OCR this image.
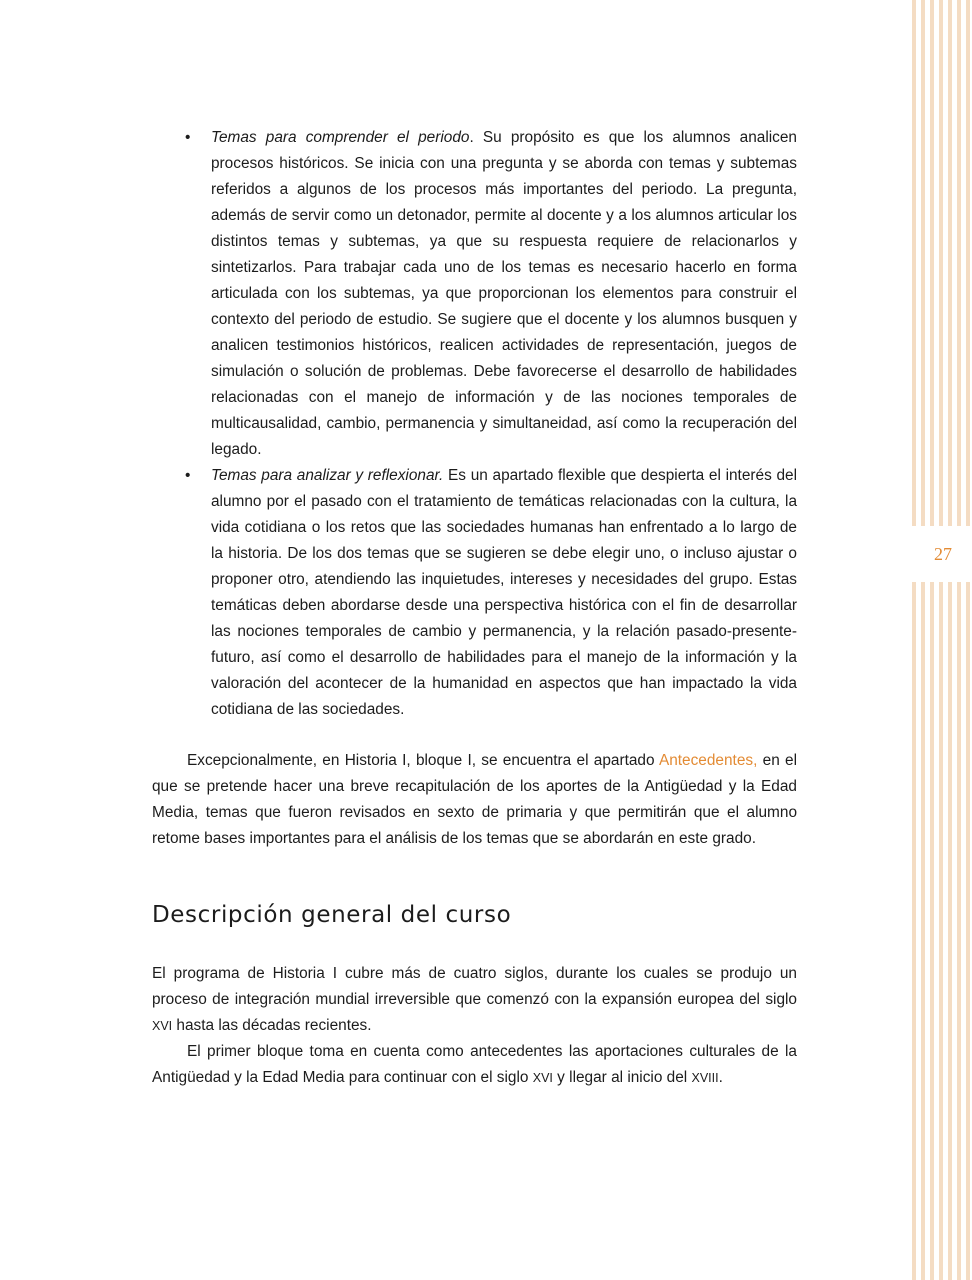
27
• Temas para comprender el periodo. Su propósito es que los alumnos analicen procesos históricos. Se inicia con una pregunta y se aborda con temas y subtemas referidos a algunos de los procesos más importantes del periodo. La pregunta, además de servir como un detonador, permite al docente y a los alumnos articular los distintos temas y subtemas, ya que su respuesta requiere de relacionarlos y sintetizarlos. Para trabajar cada uno de los temas es necesario hacerlo en forma articulada con los subtemas, ya que proporcionan los elementos para construir el contexto del periodo de estudio. Se sugiere que el docente y los alumnos busquen y analicen testimonios históricos, realicen actividades de representación, juegos de simulación o solución de problemas. Debe favorecerse el desarrollo de habilidades relacionadas con el manejo de información y de las nociones temporales de multicausalidad, cambio, permanencia y simultaneidad, así como la recuperación del legado.

• Temas para analizar y reflexionar. Es un apartado flexible que despierta el interés del alumno por el pasado con el tratamiento de temáticas relacionadas con la cultura, la vida cotidiana o los retos que las sociedades humanas han enfrentado a lo largo de la historia. De los dos temas que se sugieren se debe elegir uno, o incluso ajustar o proponer otro, atendiendo las inquietudes, intereses y necesidades del grupo. Estas temáticas deben abordarse desde una perspectiva histórica con el fin de desarrollar las nociones temporales de cambio y permanencia, y la relación pasado-presente-futuro, así como el desarrollo de habilidades para el manejo de la información y la valoración del acontecer de la humanidad en aspectos que han impactado la vida cotidiana de las sociedades.

Excepcionalmente, en Historia I, bloque I, se encuentra el apartado Antecedentes, en el que se pretende hacer una breve recapitulación de los aportes de la Antigüedad y la Edad Media, temas que fueron revisados en sexto de primaria y que permitirán que el alumno retome bases importantes para el análisis de los temas que se abordarán en este grado.

Descripción general del curso

El programa de Historia I cubre más de cuatro siglos, durante los cuales se produjo un proceso de integración mundial irreversible que comenzó con la expansión europea del siglo XVI hasta las décadas recientes.

El primer bloque toma en cuenta como antecedentes las aportaciones culturales de la Antigüedad y la Edad Media para continuar con el siglo XVI y llegar al inicio del XVIII.
